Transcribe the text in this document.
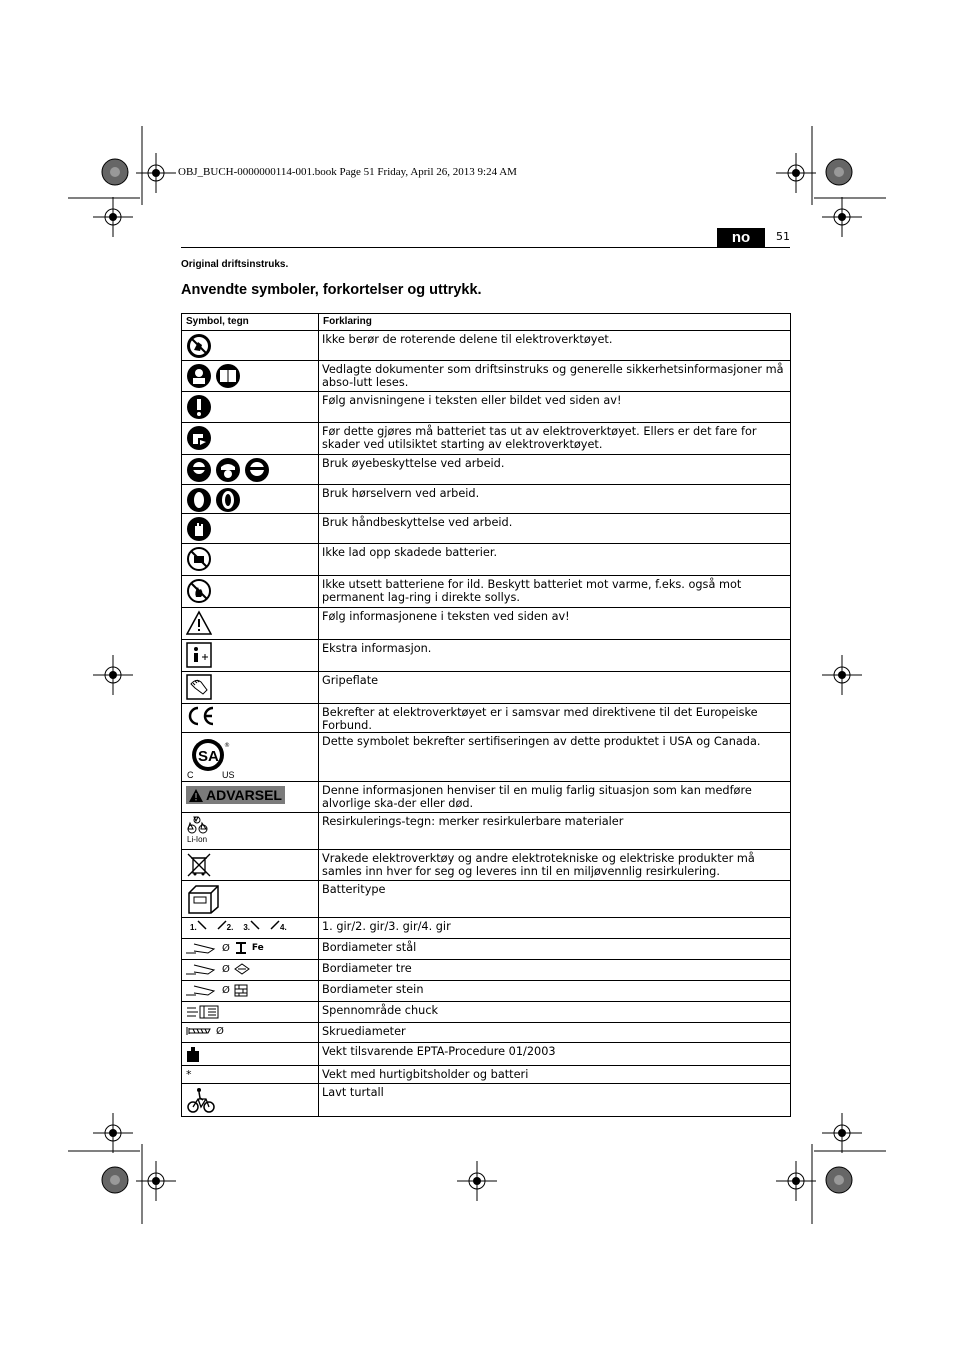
OBJ_BUCH-0000000114-001.book Page 51 Friday, April 26, 2013 9:24 AM
no	51
Original driftsinstruks.
Anvendte symboler, forkortelser og uttrykk.
Symbol, tegn	Forklaring

	Ikke berør de roterende delene til elektroverktøyet.

	Vedlagte dokumenter som driftsinstruks og generelle sikkerhetsinformasjoner må abso-lutt leses.

	Følg anvisningene i teksten eller bildet ved siden av!

	Før dette gjøres må batteriet tas ut av elektroverktøyet. Ellers er det fare for skader ved utilsiktet starting av elektroverktøyet.

	Bruk øyebeskyttelse ved arbeid.

	Bruk hørselvern ved arbeid.

	Bruk håndbeskyttelse ved arbeid.

	Ikke lad opp skadede batterier.

	Ikke utsett batteriene for ild. Beskytt batteriet mot varme, f.eks. også mot permanent lag-ring i direkte sollys.

	Følg informasjonene i teksten ved siden av!

	Ekstra informasjon.

	Gripeflate

	Bekrefter at elektroverktøyet er i samsvar med direktivene til det Europeiske Forbund.

SA
®
C US	Dette symbolet bekrefter sertifiseringen av dette produktet i USA og Canada.

ADVARSEL	Denne informasjonen henviser til en mulig farlig situasjon som kan medføre alvorlige ska-der eller død.

Li-Ion	Resirkulerings-tegn: merker resirkulerbare materialer

	Vrakede elektroverktøy og andre elektrotekniske og elektriske produkter må samles inn hver for seg og leveres inn til en miljøvennlig resirkulering.

	Batteritype

1. 2. 3. 4.	1. gir/2. gir/3. gir/4. gir

Ø Fe	Bordiameter stål

Ø	Bordiameter tre

Ø	Bordiameter stein

	Spennområde chuck

Ø	Skruediameter

	Vekt tilsvarende EPTA-Procedure 01/2003

*	Vekt med hurtigbitsholder og batteri

	Lavt turtall
